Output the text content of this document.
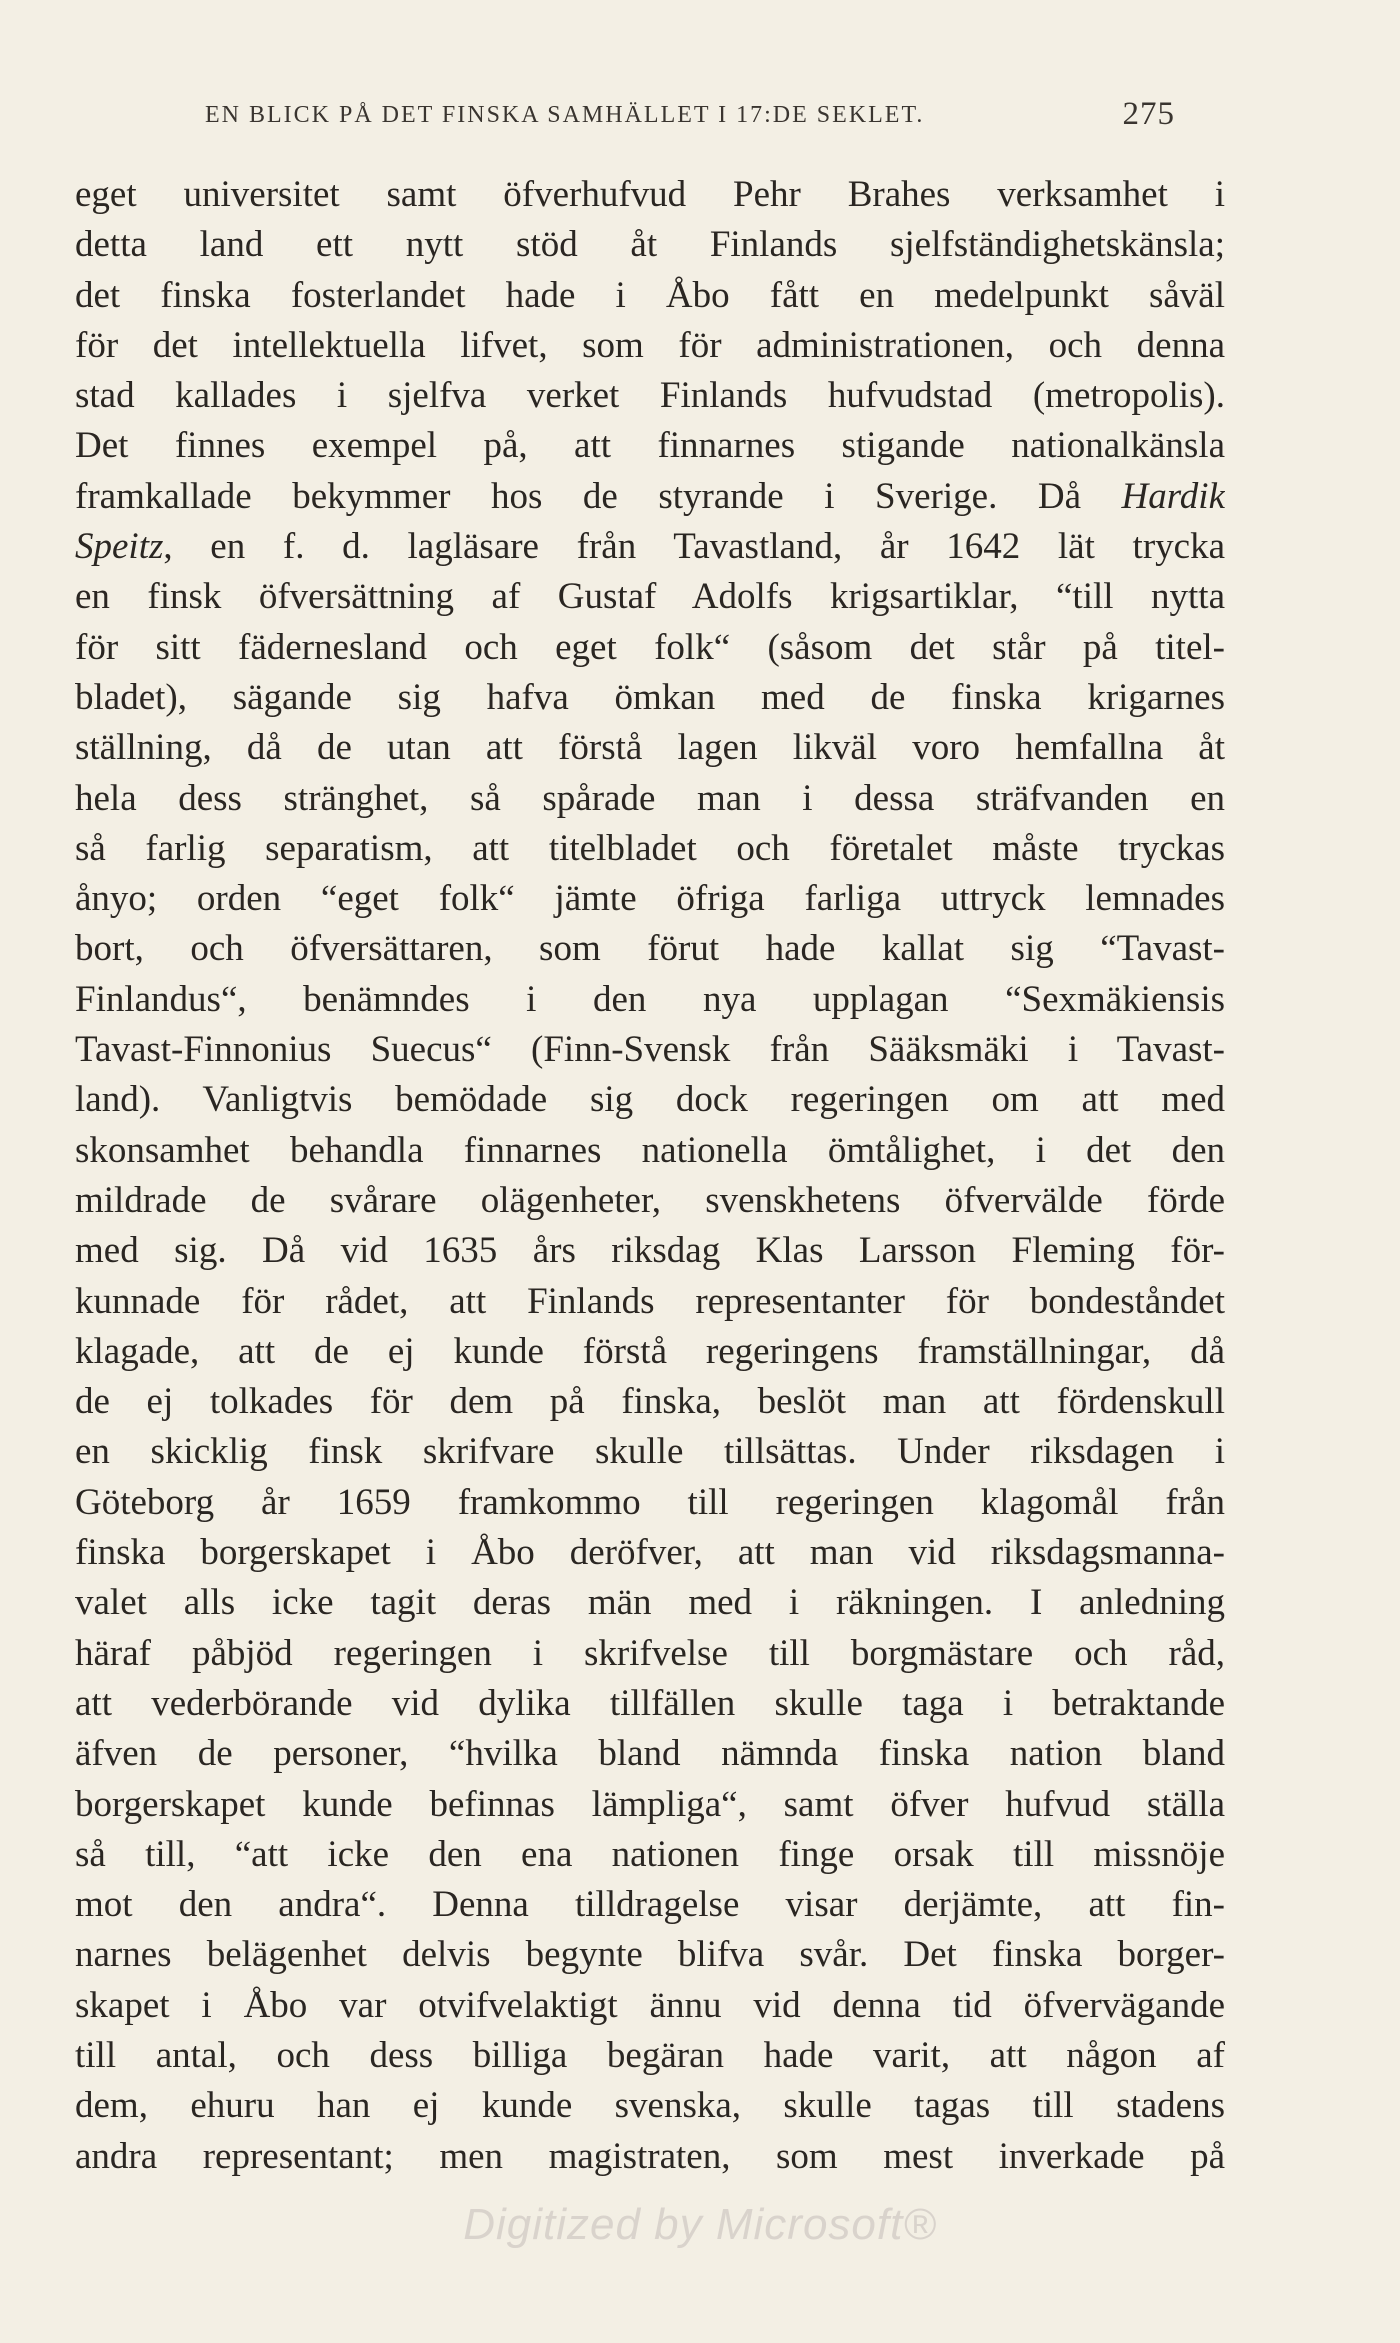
EN BLICK PÅ DET FINSKA SAMHÄLLET I 17:DE SEKLET.	275
eget universitet samt öfverhufvud Pehr Brahes verksamhet i
detta land ett nytt stöd åt Finlands sjelfständighetskänsla;
det finska fosterlandet hade i Åbo fått en medelpunkt såväl
för det intellektuella lifvet, som för administrationen, och denna
stad kallades i sjelfva verket Finlands hufvudstad (metropolis).
Det finnes exempel på, att finnarnes stigande nationalkänsla
framkallade bekymmer hos de styrande i Sverige. Då Hardik
Speitz, en f. d. lagläsare från Tavastland, år 1642 lät trycka
en finsk öfversättning af Gustaf Adolfs krigsartiklar, “till nytta
för sitt fädernesland och eget folk“ (såsom det står på titel-
bladet), sägande sig hafva ömkan med de finska krigarnes
ställning, då de utan att förstå lagen likväl voro hemfallna åt
hela dess stränghet, så spårade man i dessa sträfvanden en
så farlig separatism, att titelbladet och företalet måste tryckas
ånyo; orden “eget folk“ jämte öfriga farliga uttryck lemnades
bort, och öfversättaren, som förut hade kallat sig “Tavast-
Finlandus“, benämndes i den nya upplagan “Sexmäkiensis
Tavast-Finnonius Suecus“ (Finn-Svensk från Sääksmäki i Tavast-
land). Vanligtvis bemödade sig dock regeringen om att med
skonsamhet behandla finnarnes nationella ömtålighet, i det den
mildrade de svårare olägenheter, svenskhetens öfvervälde förde
med sig. Då vid 1635 års riksdag Klas Larsson Fleming för-
kunnade för rådet, att Finlands representanter för bondeståndet
klagade, att de ej kunde förstå regeringens framställningar, då
de ej tolkades för dem på finska, beslöt man att fördenskull
en skicklig finsk skrifvare skulle tillsättas. Under riksdagen i
Göteborg år 1659 framkommo till regeringen klagomål från
finska borgerskapet i Åbo deröfver, att man vid riksdagsmanna-
valet alls icke tagit deras män med i räkningen. I anledning
häraf påbjöd regeringen i skrifvelse till borgmästare och råd,
att vederbörande vid dylika tillfällen skulle taga i betraktande
äfven de personer, “hvilka bland nämnda finska nation bland
borgerskapet kunde befinnas lämpliga“, samt öfver hufvud ställa
så till, “att icke den ena nationen finge orsak till missnöje
mot den andra“. Denna tilldragelse visar derjämte, att fin-
narnes belägenhet delvis begynte blifva svår. Det finska borger-
skapet i Åbo var otvifvelaktigt ännu vid denna tid öfvervägande
till antal, och dess billiga begäran hade varit, att någon af
dem, ehuru han ej kunde svenska, skulle tagas till stadens
andra representant; men magistraten, som mest inverkade på
Digitized by Microsoft®
